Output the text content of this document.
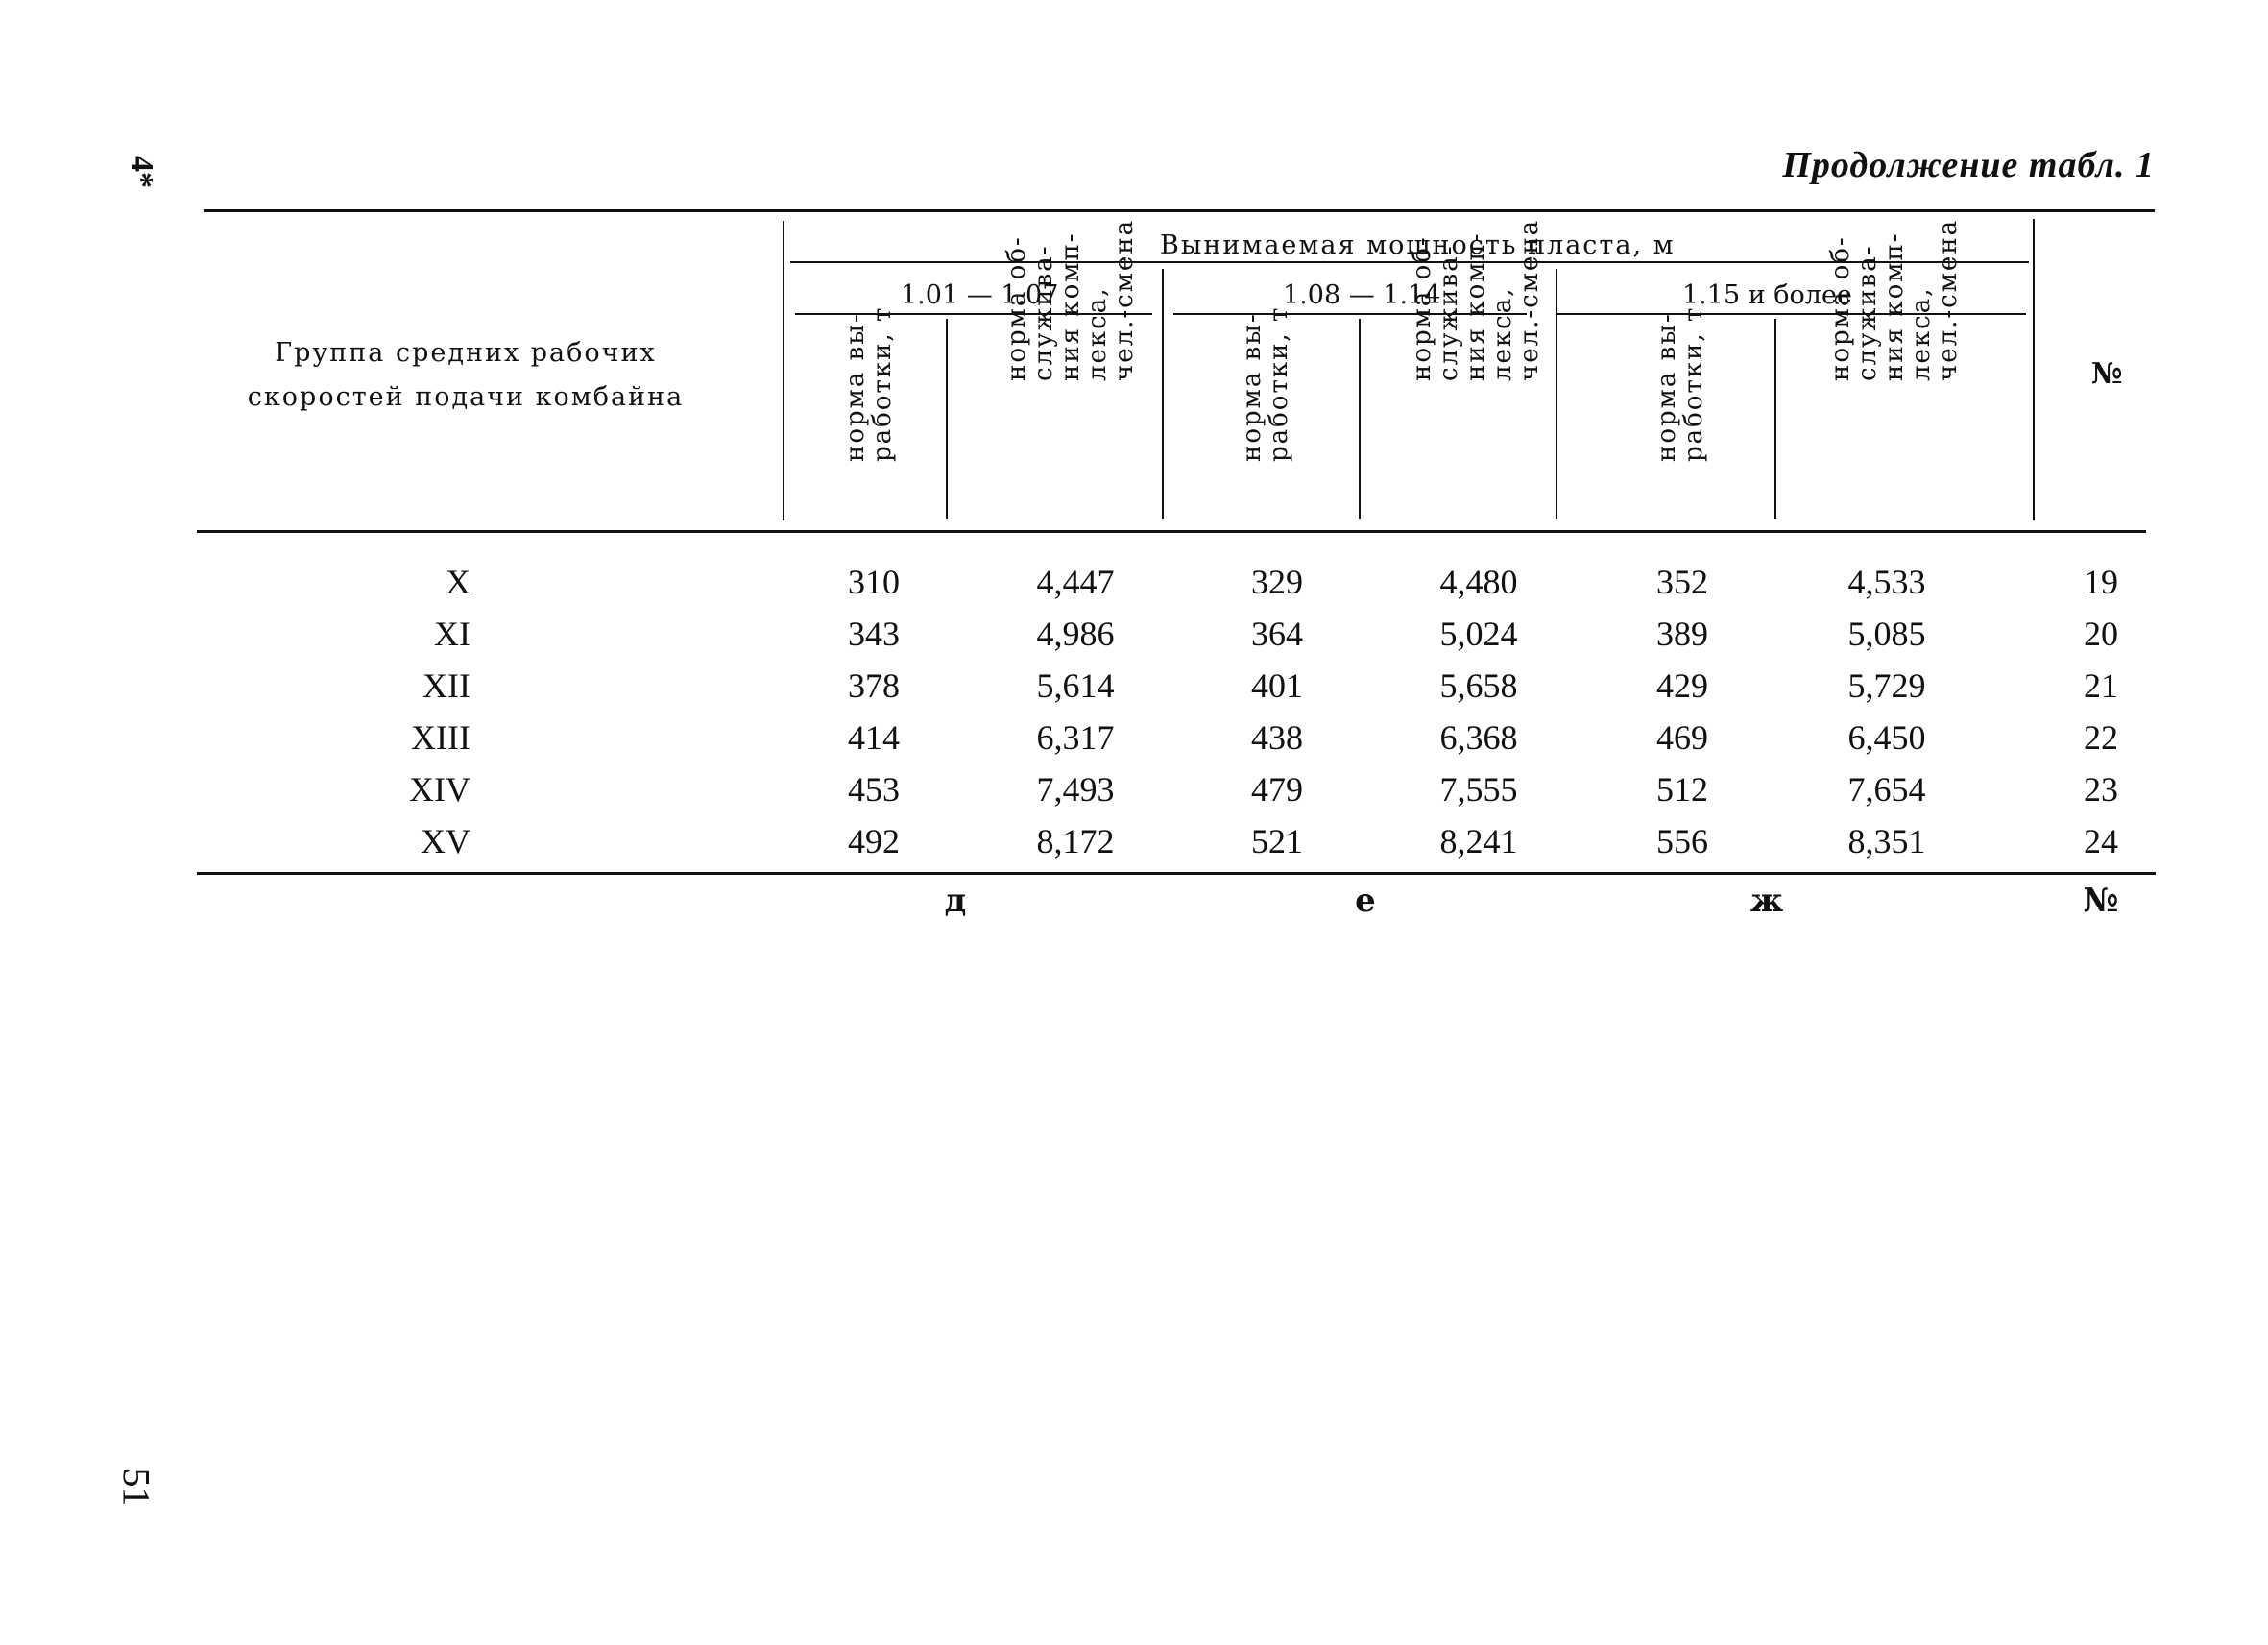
4*
51
Продолжение табл. 1
Группа средних рабочих скоростей подачи комбайна
Вынимаемая мощность пласта, м
1.01 — 1.07	1.08 — 1.14	1.15 и более
№
норма вы-
работки, т	норма об-
служива-
ния комп-
лекса,
чел.-смена
норма вы-
работки, т	норма об-
служива-
ния комп-
лекса,
чел.-смена
норма вы-
работки, т	норма об-
служива-
ния комп-
лекса,
чел.-смена
X	310	4,447	329	4,480	352	4,533	19
XI	343	4,986	364	5,024	389	5,085	20
XII	378	5,614	401	5,658	429	5,729	21
XIII	414	6,317	438	6,368	469	6,450	22
XIV	453	7,493	479	7,555	512	7,654	23
XV	492	8,172	521	8,241	556	8,351	24
д	е	ж	№
